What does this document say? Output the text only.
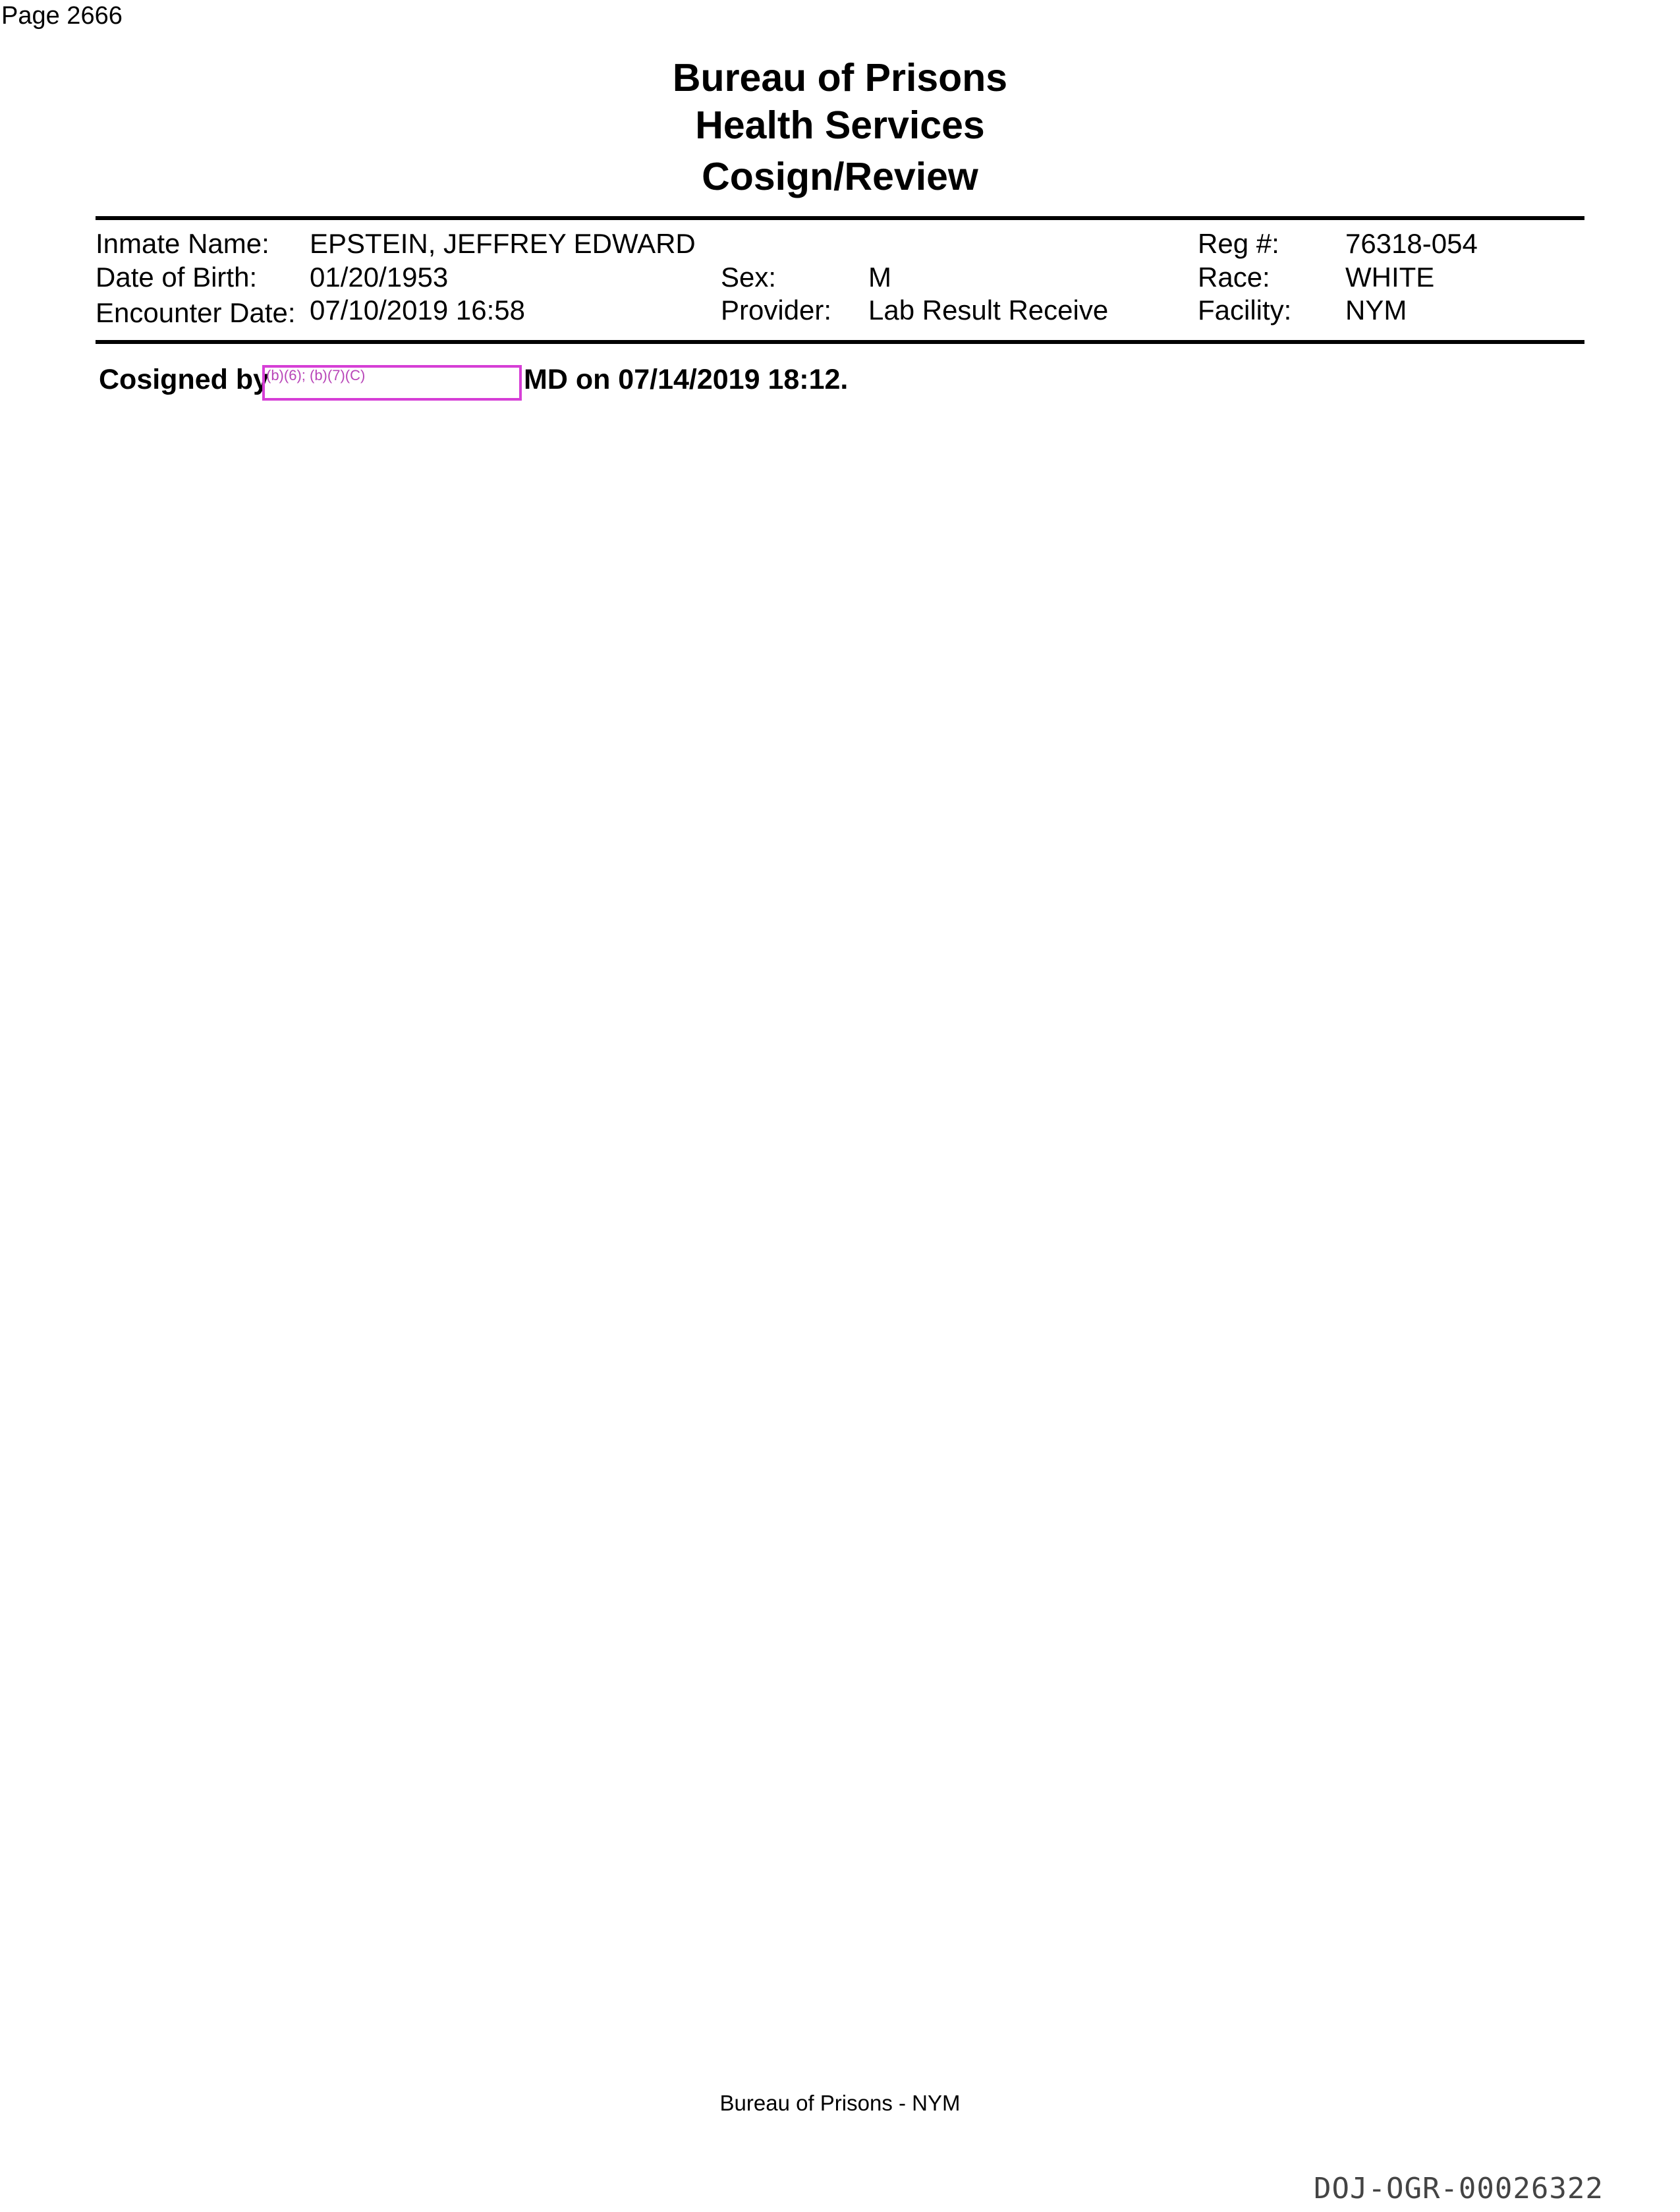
Page 2666
Bureau of Prisons
Health Services
Cosign/Review
Inmate Name: EPSTEIN, JEFFREY EDWARD	Reg #: 76318-054
Date of Birth: 01/20/1953	Sex:	M	Race:	WHITE
Encounter Date: 07/10/2019 16:58	Provider: Lab Result Receive	Facility: NYM
Cosigned by
(b)(6); (b)(7)(C)	MD on 07/14/2019 18:12.
Bureau of Prisons - NYM
DOJ-OGR-00026322
